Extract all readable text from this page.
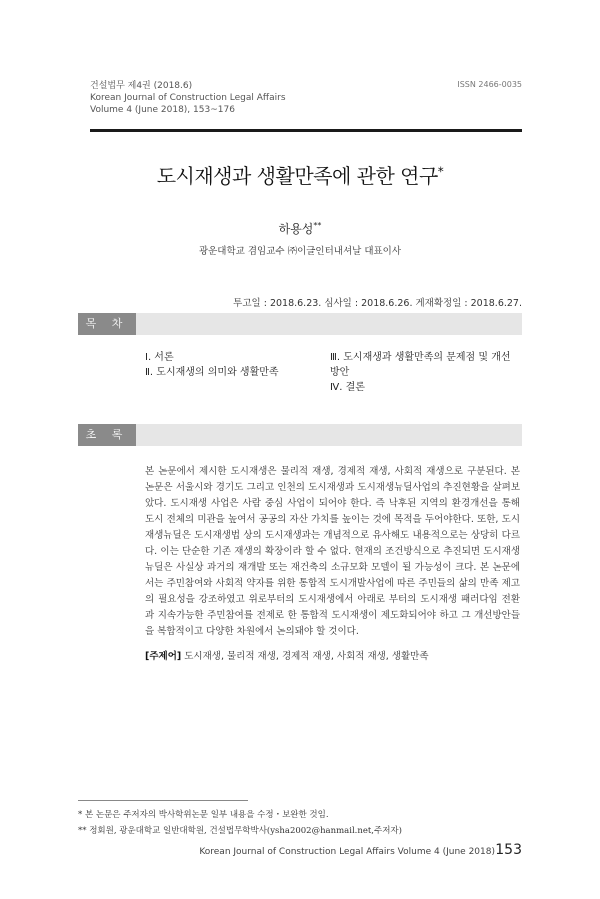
건설법무 제4권 (2018.6)
Korean Journal of Construction Legal Affairs
Volume 4 (June 2018), 153~176
ISSN 2466-0035
도시재생과 생활만족에 관한 연구*
하용성**
광운대학교 겸임교수 ㈜이글인터내셔날 대표이사
투고일 : 2018.6.23. 심사일 : 2018.6.26. 게재확정일 : 2018.6.27.
목 차
Ⅰ. 서론
Ⅱ. 도시재생의 의미와 생활만족
Ⅲ. 도시재생과 생활만족의 문제점 및 개선방안
Ⅳ. 결론
초 록
본 논문에서 제시한 도시재생은 물리적 재생, 경제적 재생, 사회적 재생으로 구분된다. 본 논문은 서울시와 경기도 그리고 인천의 도시재생과 도시재생뉴딜사업의 추진현황을 살펴보았다. 도시재생 사업은 사람 중심 사업이 되어야 한다. 즉 낙후된 지역의 환경개선을 통해 도시 전체의 미관을 높여서 공공의 자산 가치를 높이는 것에 목적을 두어야한다. 또한, 도시재생뉴딜은 도시재생법 상의 도시재생과는 개념적으로 유사해도 내용적으로는 상당히 다르다. 이는 단순한 기존 재생의 확장이라 할 수 없다. 현재의 조건방식으로 추진되면 도시재생뉴딜은 사실상 과거의 재개발 또는 재건축의 소규모화 모델이 될 가능성이 크다. 본 논문에서는 주민참여와 사회적 약자를 위한 통합적 도시개발사업에 따른 주민들의 삶의 만족 제고의 필요성을 강조하였고 위로부터의 도시재생에서 아래로 부터의 도시재생 패러다임 전환과 지속가능한 주민참여를 전제로 한 통합적 도시재생이 제도화되어야 하고 그 개선방안들을 복합적이고 다양한 차원에서 논의돼야 할 것이다.
[주제어] 도시재생, 물리적 재생, 경제적 재생, 사회적 재생, 생활만족
* 본 논문은 주저자의 박사학위논문 일부 내용을 수정・보완한 것임.
** 정회원, 광운대학교 일반대학원, 건설법무학박사(ysha2002@hanmail.net,주저자)
Korean Journal of Construction Legal Affairs Volume 4 (June 2018) 153
